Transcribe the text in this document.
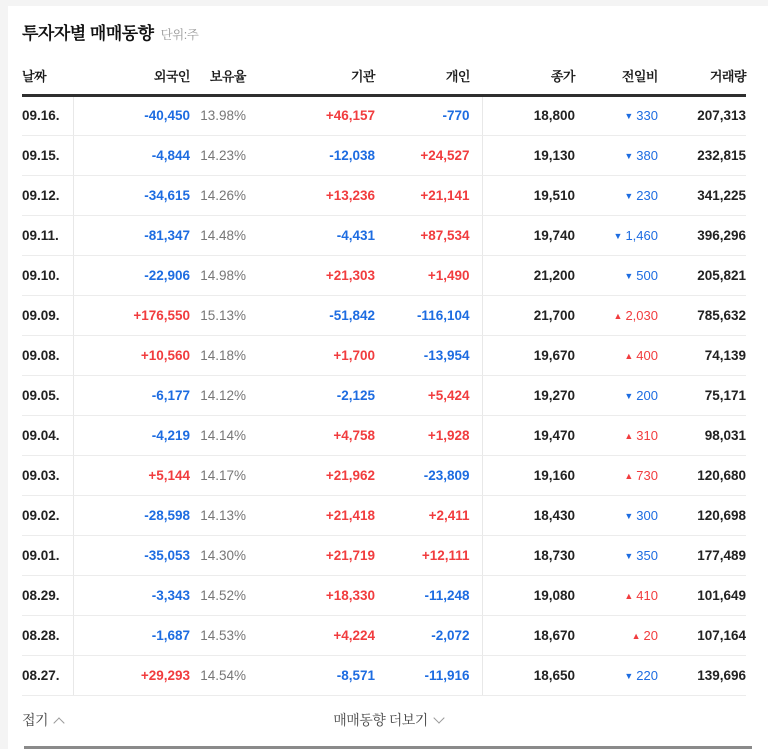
투자자별 매매동향 단위:주
날짜	외국인	보유율	기관	개인	종가	전일비	거래량
09.16.	-40,450	13.98%	+46,157	-770	18,800	▼ 330	207,313
09.15.	-4,844	14.23%	-12,038	+24,527	19,130	▼ 380	232,815
09.12.	-34,615	14.26%	+13,236	+21,141	19,510	▼ 230	341,225
09.11.	-81,347	14.48%	-4,431	+87,534	19,740	▼ 1,460	396,296
09.10.	-22,906	14.98%	+21,303	+1,490	21,200	▼ 500	205,821
09.09.	+176,550	15.13%	-51,842	-116,104	21,700	▲ 2,030	785,632
09.08.	+10,560	14.18%	+1,700	-13,954	19,670	▲ 400	74,139
09.05.	-6,177	14.12%	-2,125	+5,424	19,270	▼ 200	75,171
09.04.	-4,219	14.14%	+4,758	+1,928	19,470	▲ 310	98,031
09.03.	+5,144	14.17%	+21,962	-23,809	19,160	▲ 730	120,680
09.02.	-28,598	14.13%	+21,418	+2,411	18,430	▼ 300	120,698
09.01.	-35,053	14.30%	+21,719	+12,111	18,730	▼ 350	177,489
08.29.	-3,343	14.52%	+18,330	-11,248	19,080	▲ 410	101,649
08.28.	-1,687	14.53%	+4,224	-2,072	18,670	▲ 20	107,164
08.27.	+29,293	14.54%	-8,571	-11,916	18,650	▼ 220	139,696
접기	매매동향 더보기
